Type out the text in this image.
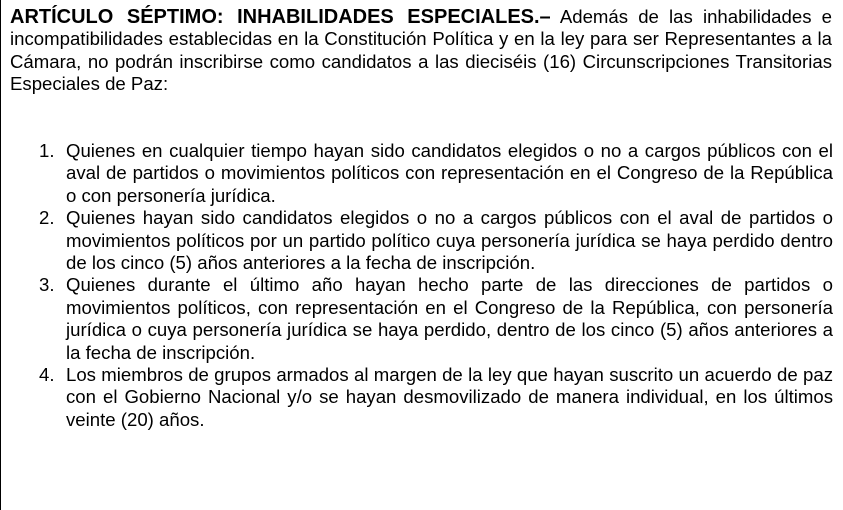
ARTÍCULO SÉPTIMO: INHABILIDADES ESPECIALES.– Además de las inhabilidades e incompatibilidades establecidas en la Constitución Política y en la ley para ser Representantes a la Cámara, no podrán inscribirse como candidatos a las dieciséis (16) Circunscripciones Transitorias Especiales de Paz:

1. Quienes en cualquier tiempo hayan sido candidatos elegidos o no a cargos públicos con el aval de partidos o movimientos políticos con representación en el Congreso de la República o con personería jurídica.
2. Quienes hayan sido candidatos elegidos o no a cargos públicos con el aval de partidos o movimientos políticos por un partido político cuya personería jurídica se haya perdido dentro de los cinco (5) años anteriores a la fecha de inscripción.
3. Quienes durante el último año hayan hecho parte de las direcciones de partidos o movimientos políticos, con representación en el Congreso de la República, con personería jurídica o cuya personería jurídica se haya perdido, dentro de los cinco (5) años anteriores a la fecha de inscripción.
4. Los miembros de grupos armados al margen de la ley que hayan suscrito un acuerdo de paz con el Gobierno Nacional y/o se hayan desmovilizado de manera individual, en los últimos veinte (20) años.
